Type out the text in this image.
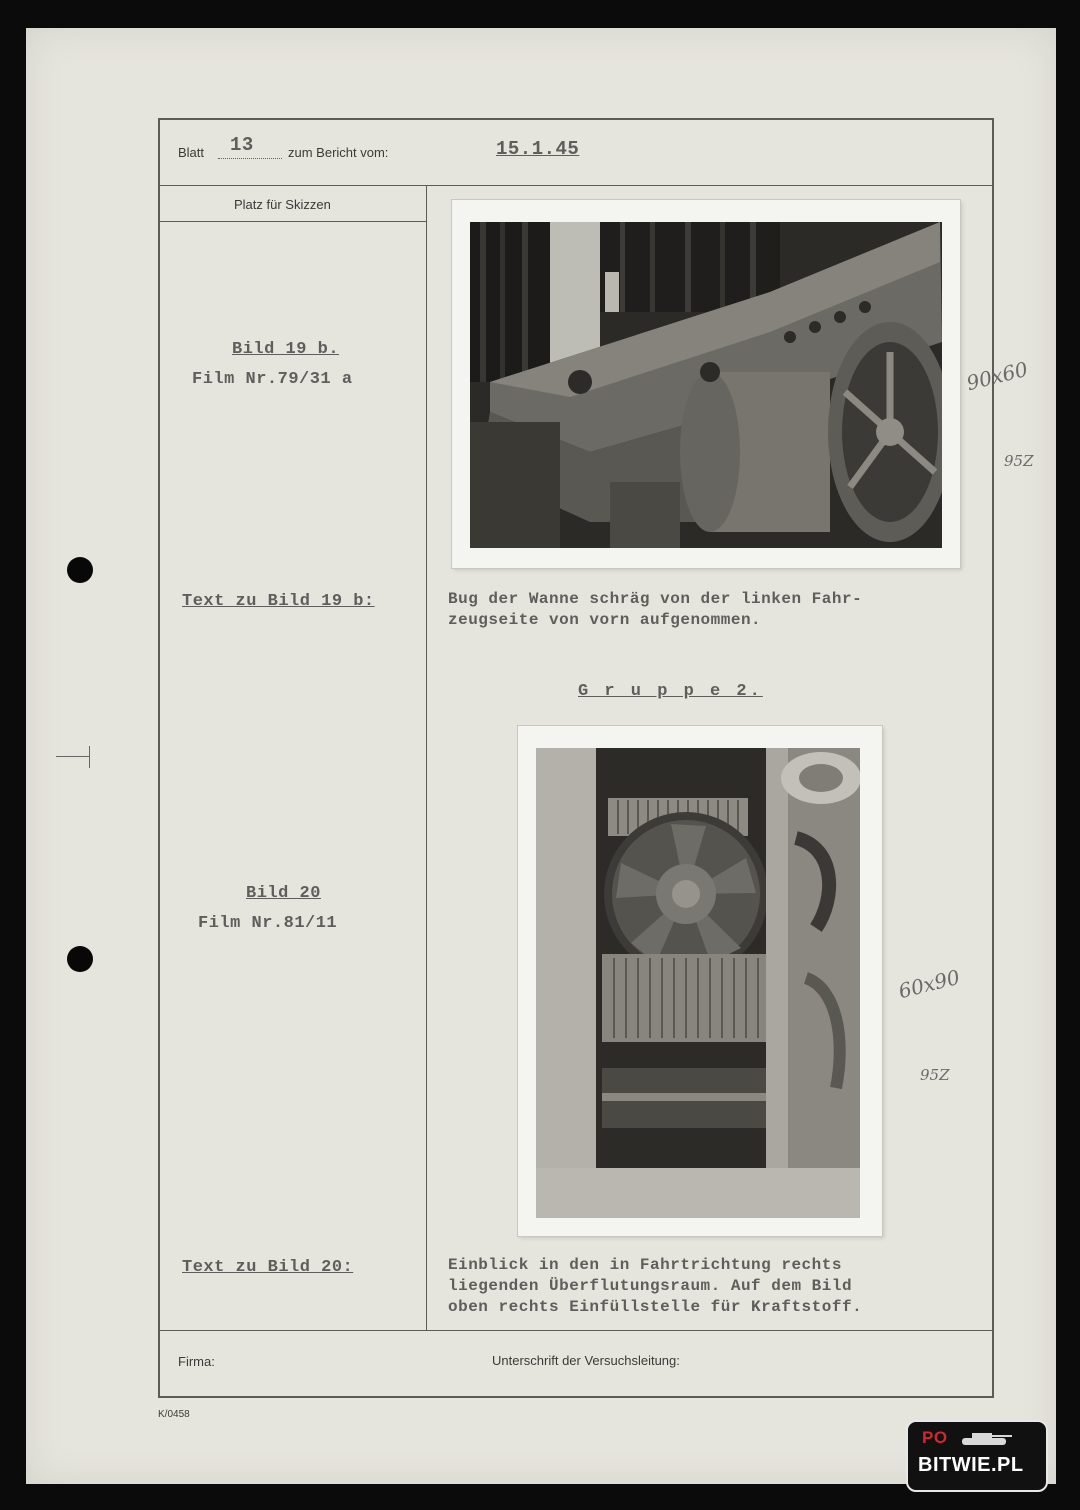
Blatt 13	zum Bericht vom:	15.1.45
Platz für Skizzen
Bild 19 b.
Film Nr.79/31 a
Text zu Bild 19 b:	Bug der Wanne schräg von der linken Fahr-
zeugseite von vorn aufgenommen.
90x60
95Z
G r u p p e 2.
Bild 20
Film Nr.81/11
Text zu Bild 20:	Einblick in den in Fahrtrichtung rechts
liegenden Überflutungsraum. Auf dem Bild
oben rechts Einfüllstelle für Kraftstoff.
60x90
95Z
Firma:	Unterschrift der Versuchsleitung:
K/0458
PO
BITWIE.PL
